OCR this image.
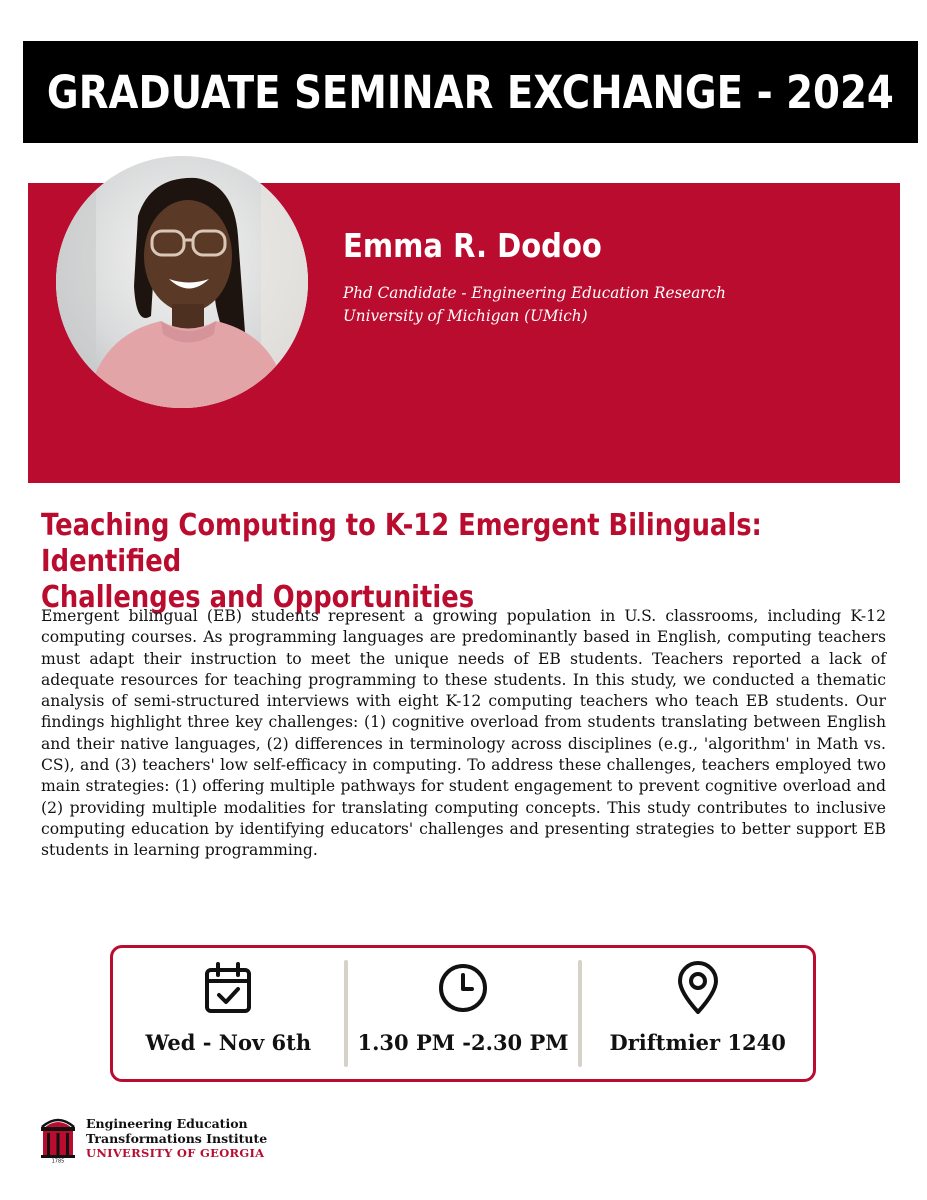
GRADUATE SEMINAR EXCHANGE - 2024
Emma R. Dodoo
Phd Candidate - Engineering Education Research
University of Michigan (UMich)
Teaching Computing to K-12 Emergent Bilinguals: Identified
Challenges and Opportunities

Emergent bilingual (EB) students represent a growing population in U.S. classrooms, including K-12 computing courses. As programming languages are predominantly based in English, computing teachers must adapt their instruction to meet the unique needs of EB students. Teachers reported a lack of adequate resources for teaching programming to these students. In this study, we conducted a thematic analysis of semi-structured interviews with eight K-12 computing teachers who teach EB students. Our findings highlight three key challenges: (1) cognitive overload from students translating between English and their native languages, (2) differences in terminology across disciplines (e.g., 'algorithm' in Math vs. CS), and (3) teachers' low self-efficacy in computing. To address these challenges, teachers employed two main strategies: (1) offering multiple pathways for student engagement to prevent cognitive overload and (2) providing multiple modalities for translating computing concepts. This study contributes to inclusive computing education by identifying educators' challenges and presenting strategies to better support EB students in learning programming.

Wed - Nov 6th 1.30 PM -2.30 PM Driftmier 1240
1785
Engineering Education
Transformations Institute
UNIVERSITY OF GEORGIA
